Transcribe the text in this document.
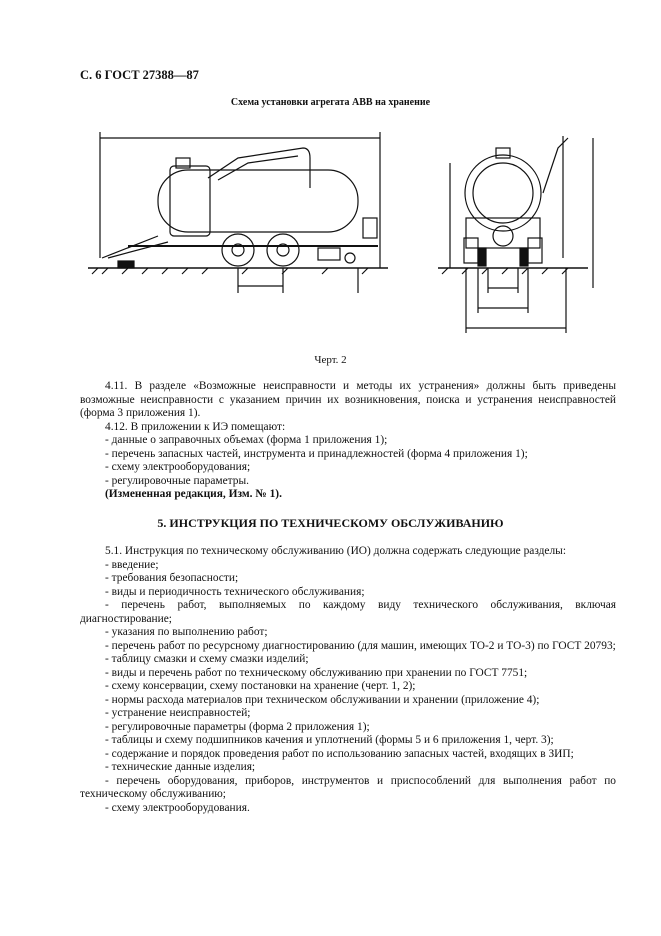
С. 6 ГОСТ 27388—87
Схема установки агрегата АВВ на хранение
Черт. 2

4.11. В разделе «Возможные неисправности и методы их устранения» должны быть приведены возможные неисправности с указанием причин их возникновения, поиска и устранения неисправностей (форма 3 приложения 1).

4.12. В приложении к ИЭ помещают:

- данные о заправочных объемах (форма 1 приложения 1);

- перечень запасных частей, инструмента и принадлежностей (форма 4 приложения 1);

- схему электрооборудования;

- регулировочные параметры.

(Измененная редакция, Изм. № 1).

5. ИНСТРУКЦИЯ ПО ТЕХНИЧЕСКОМУ ОБСЛУЖИВАНИЮ

5.1. Инструкция по техническому обслуживанию (ИО) должна содержать следующие разделы:

- введение;

- требования безопасности;

- виды и периодичность технического обслуживания;

- перечень работ, выполняемых по каждому виду технического обслуживания, включая диагностирование;

- указания по выполнению работ;

- перечень работ по ресурсному диагностированию (для машин, имеющих ТО-2 и ТО-3) по ГОСТ 20793;

- таблицу смазки и схему смазки изделий;

- виды и перечень работ по техническому обслуживанию при хранении по ГОСТ 7751;

- схему консервации, схему постановки на хранение (черт. 1, 2);

- нормы расхода материалов при техническом обслуживании и хранении (приложение 4);

- устранение неисправностей;

- регулировочные параметры (форма 2 приложения 1);

- таблицы и схему подшипников качения и уплотнений (формы 5 и 6 приложения 1, черт. 3);

- содержание и порядок проведения работ по использованию запасных частей, входящих в ЗИП;

- технические данные изделия;

- перечень оборудования, приборов, инструментов и приспособлений для выполнения работ по техническому обслуживанию;

- схему электрооборудования.
